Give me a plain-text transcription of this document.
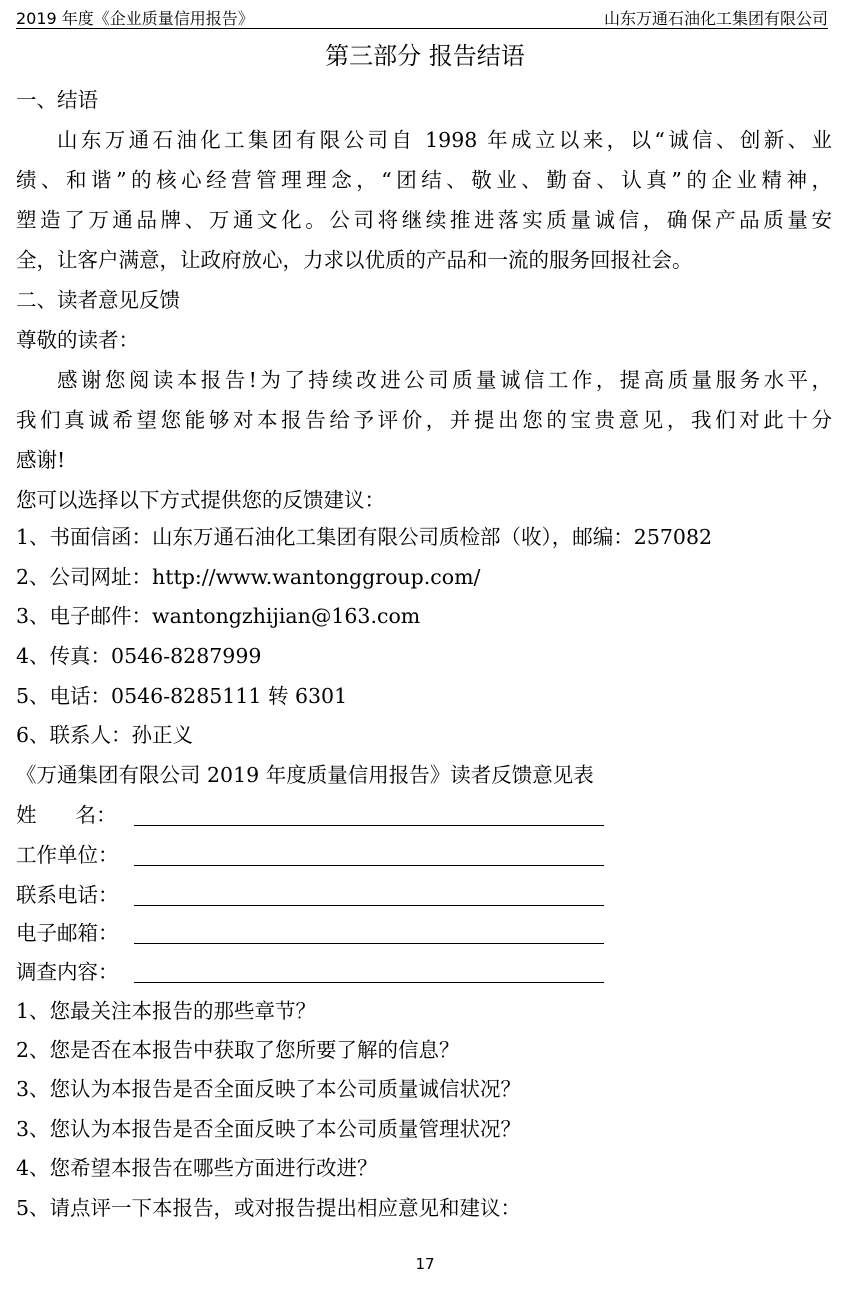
2019 年度《企业质量信用报告》	山东万通石油化工集团有限公司
第三部分 报告结语
一、结语
山东万通石油化工集团有限公司自 1998 年成立以来，以“诚信、创新、业
绩、和谐”的核心经营管理理念，“团结、敬业、勤奋、认真”的企业精神，
塑造了万通品牌、万通文化。公司将继续推进落实质量诚信，确保产品质量安
全，让客户满意，让政府放心，力求以优质的产品和一流的服务回报社会。
二、读者意见反馈
尊敬的读者：
感谢您阅读本报告!为了持续改进公司质量诚信工作，提高质量服务水平，
我们真诚希望您能够对本报告给予评价，并提出您的宝贵意见，我们对此十分
感谢!
您可以选择以下方式提供您的反馈建议：
1、书面信函：山东万通石油化工集团有限公司质检部（收），邮编：257082
2、公司网址：http://www.wantonggroup.com/
3、电子邮件：wantongzhijian@163.com
4、传真：0546-8287999
5、电话：0546-8285111 转 6301
6、联系人：孙正义
《万通集团有限公司 2019 年度质量信用报告》读者反馈意见表
姓      名：
工作单位：
联系电话：
电子邮箱：
调查内容：
1、您最关注本报告的那些章节？
2、您是否在本报告中获取了您所要了解的信息？
3、您认为本报告是否全面反映了本公司质量诚信状况？
3、您认为本报告是否全面反映了本公司质量管理状况？
4、您希望本报告在哪些方面进行改进？
5、请点评一下本报告，或对报告提出相应意见和建议：
17
